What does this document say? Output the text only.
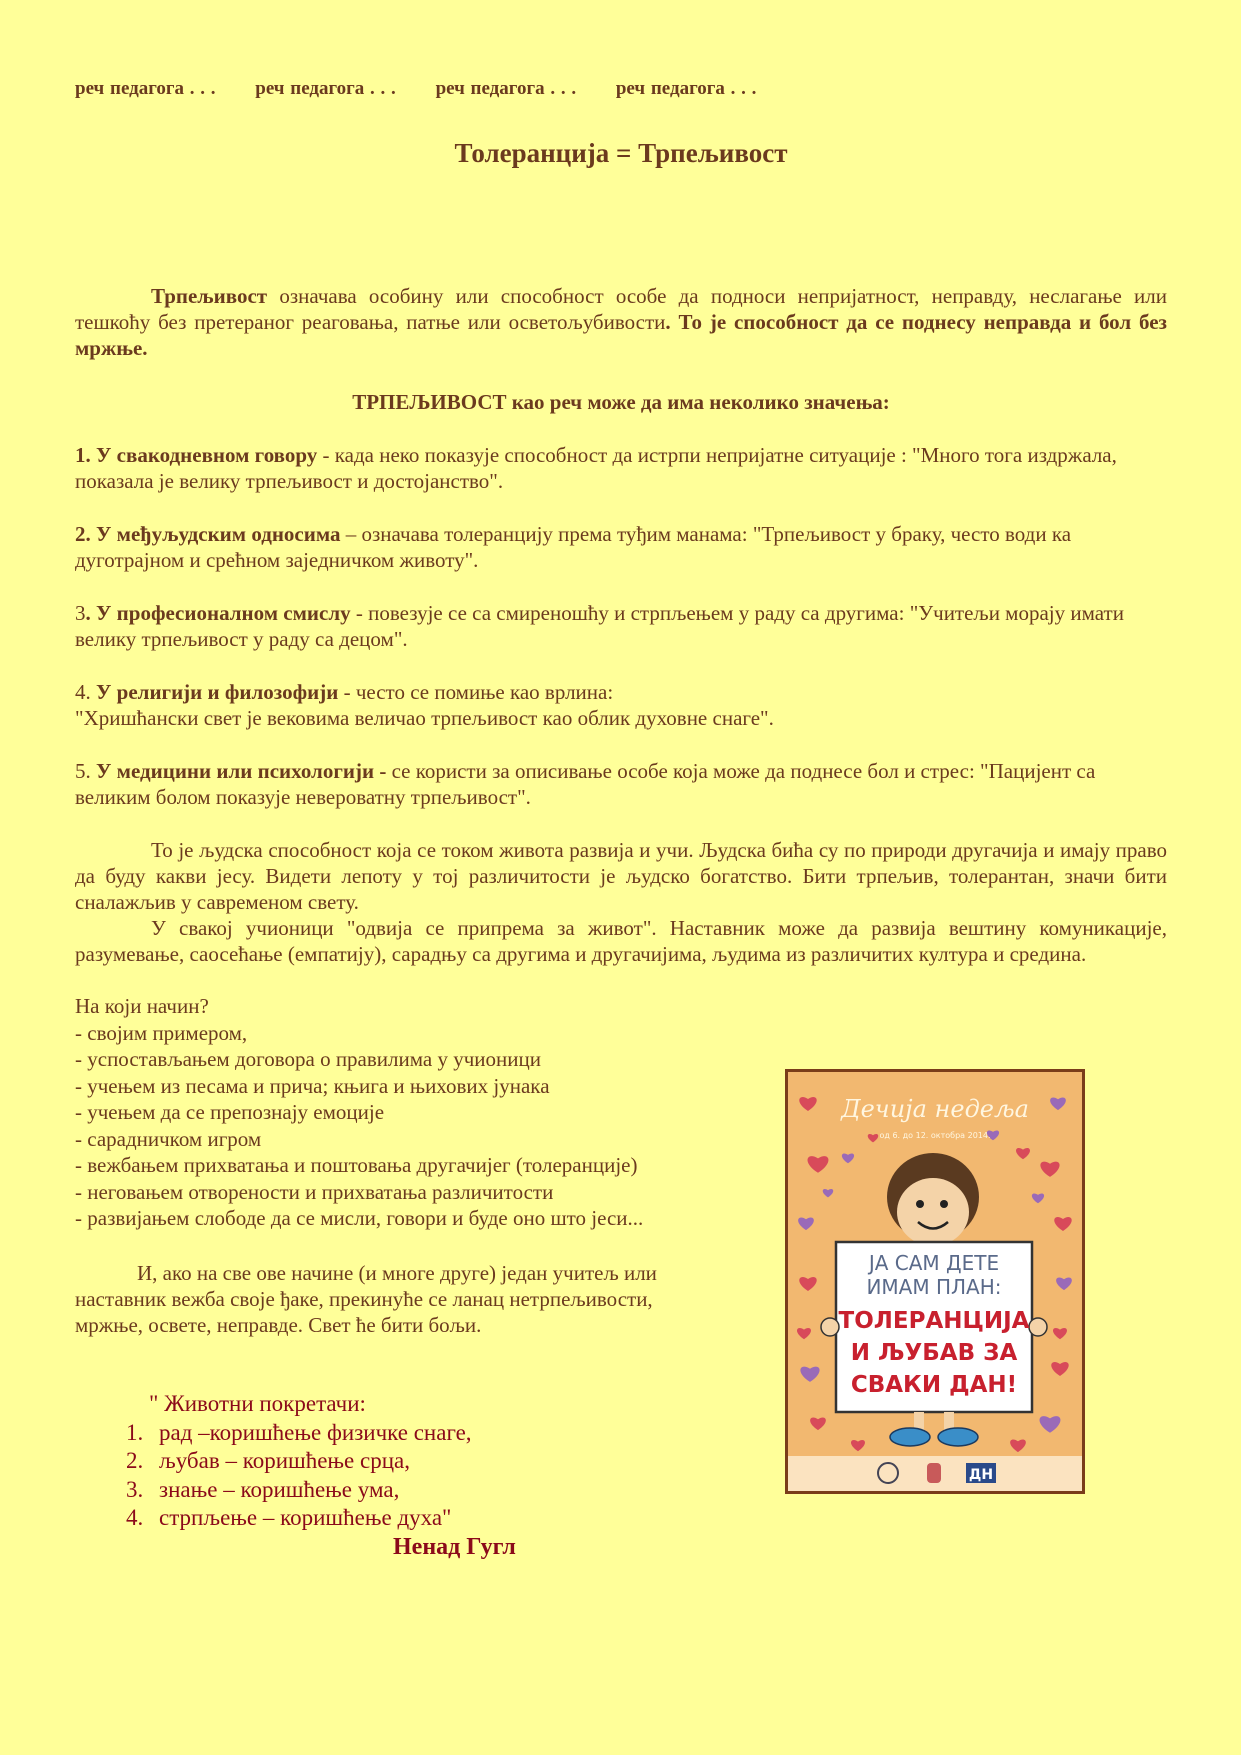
реч педагога . . . реч педагога . . . реч педагога . . . реч педагога . . .
Толеранција = Трпељивост
Трпељивост означава особину или способност особе да подноси непријатност, неправду, неслагање или тешкоћу без претераног реаговања, патње или осветољубивости. То је способност да се поднесу неправда и бол без мржње.
ТРПЕЉИВОСТ као реч може да има неколико значења:

1. У свакодневном говору - када неко показује способност да истрпи непријатне ситуације : "Много тога издржала, показала је велику трпељивост и достојанство".

2. У међуљудским односима – означава толеранцију према туђим манама: "Трпељивост у браку, често води ка дуготрајном и срећном заједничком животу".

3. У професионалном смислу - повезује се са смиреношћу и стрпљењем у раду са другима: "Учитељи морају имати велику трпељивост у раду са децом".

4. У религији и филозофији - често се помиње као врлина:
"Хришћански свет је вековима величао трпељивост као облик духовне снаге".

5. У медицини или психологији - се користи за описивање особе која може да поднесе бол и стрес: "Пацијент са великим болом показује невероватну трпељивост".

То је људска способност која се током живота развија и учи. Људска бића су по природи другачија и имају право да буду какви јесу. Видети лепоту у тој различитости је људско богатство. Бити трпељив, толерантан, значи бити сналажљив у савременом свету.

У свакој учионици "одвија се припрема за живот". Наставник може да развија вештину комуникације, разумевање, саосећање (емпатију), сарадњу са другима и другачијима, људима из различитих култура и средина.

На који начин?
- својим примером,
- успостављањем договора о правилима у учионици
- учењем из песама и прича; књига и њихових јунака
- учењем да се препознају емоције
- сарадничком игром
- вежбањем прихватања и поштовања другачијег (толеранције)
- неговањем отворености и прихватања различитости
- развијањем слободе да се мисли, говори и буде оно што јеси...

И, ако на све ове начине (и многе друге) један учитељ или

наставник вежба своје ђаке, прекинуће се ланац нетрпељивости,

мржње, освете, неправде. Свет ће бити бољи.

" Животни покретачи:
1. рад –коришћење физичке снаге,
2. љубав – коришћење срца,
3. знање – коришћење ума,
4. стрпљење – коришћење духа"
Ненад Гугл
Дечија недеља
од 6. до 12. октобра 2014.
ЈА САМ ДЕТЕ
ИМАМ ПЛАН:
ТОЛЕРАНЦИЈА
И ЉУБАВ ЗА
СВАКИ ДАН!
ДН
